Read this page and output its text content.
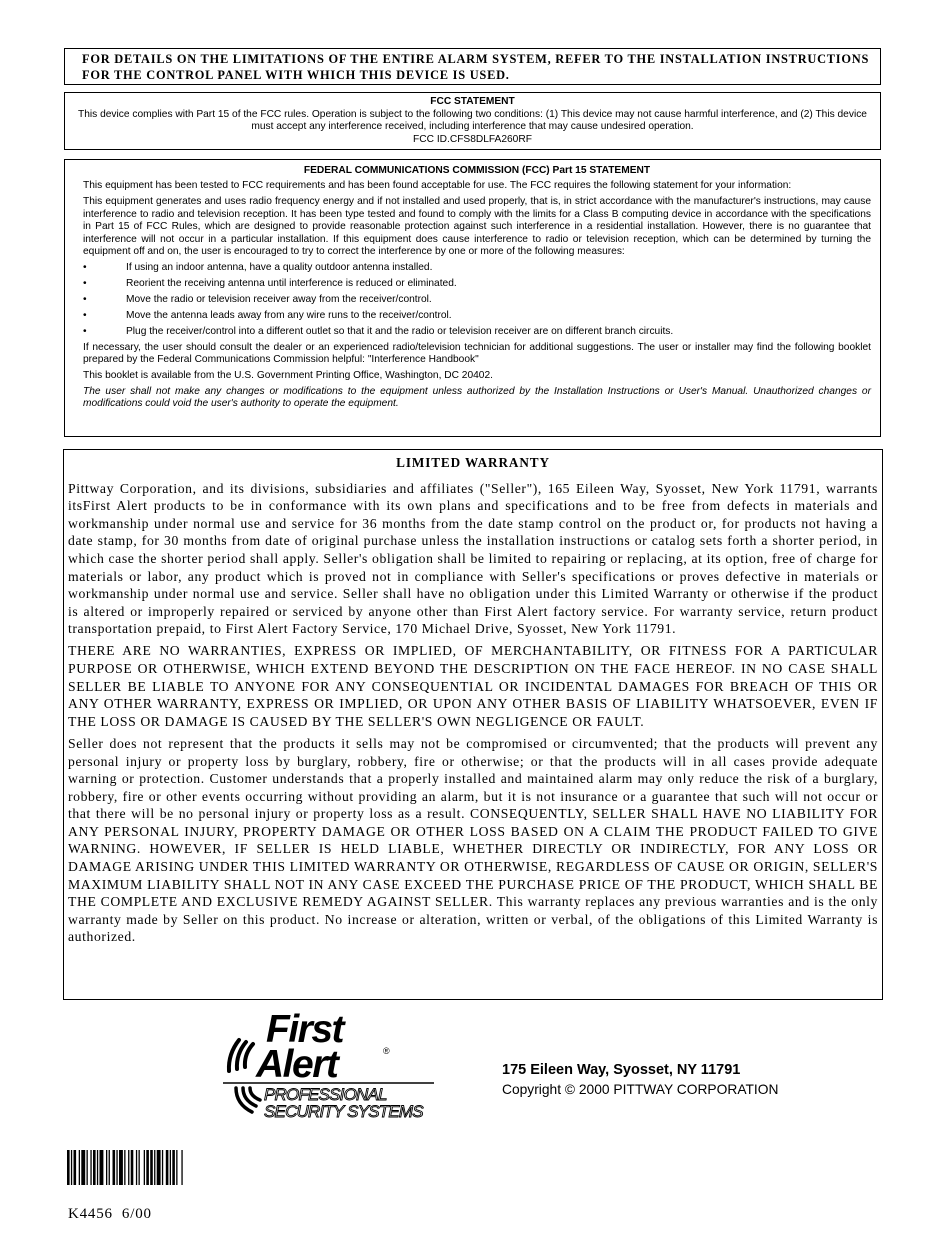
FOR DETAILS ON THE LIMITATIONS OF THE ENTIRE ALARM SYSTEM, REFER TO THE INSTALLATION INSTRUCTIONS FOR THE CONTROL PANEL WITH WHICH THIS DEVICE IS USED.

FCC STATEMENT

This device complies with Part 15 of the FCC rules. Operation is subject to the following two conditions: (1) This device may not cause harmful interference, and (2) This device must accept any interference received, including interference that may cause undesired operation.

FCC ID.CFS8DLFA260RF

FEDERAL COMMUNICATIONS COMMISSION (FCC) Part 15 STATEMENT

This equipment has been tested to FCC requirements and has been found acceptable for use. The FCC requires the following statement for your information:

This equipment generates and uses radio frequency energy and if not installed and used properly, that is, in strict accordance with the manufacturer's instructions, may cause interference to radio and television reception. It has been type tested and found to comply with the limits for a Class B computing device in accordance with the specifications in Part 15 of FCC Rules, which are designed to provide reasonable protection against such interference in a residential installation. However, there is no guarantee that interference will not occur in a particular installation. If this equipment does cause interference to radio or television reception, which can be determined by turning the equipment off and on, the user is encouraged to try to correct the interference by one or more of the following measures:

•	If using an indoor antenna, have a quality outdoor antenna installed.
•	Reorient the receiving antenna until interference is reduced or eliminated.
•	Move the radio or television receiver away from the receiver/control.
•	Move the antenna leads away from any wire runs to the receiver/control.
•	Plug the receiver/control into a different outlet so that it and the radio or television receiver are on different branch circuits.

If necessary, the user should consult the dealer or an experienced radio/television technician for additional suggestions. The user or installer may find the following booklet prepared by the Federal Communications Commission helpful: "Interference Handbook"

This booklet is available from the U.S. Government Printing Office, Washington, DC 20402.

The user shall not make any changes or modifications to the equipment unless authorized by the Installation Instructions or User's Manual. Unauthorized changes or modifications could void the user's authority to operate the equipment.

LIMITED WARRANTY

Pittway Corporation, and its divisions, subsidiaries and affiliates ("Seller"), 165 Eileen Way, Syosset, New York 11791, warrants itsFirst Alert products to be in conformance with its own plans and specifications and to be free from defects in materials and workmanship under normal use and service for 36 months from the date stamp control on the product or, for products not having a date stamp, for 30 months from date of original purchase unless the installation instructions or catalog sets forth a shorter period, in which case the shorter period shall apply. Seller's obligation shall be limited to repairing or replacing, at its option, free of charge for materials or labor, any product which is proved not in compliance with Seller's specifications or proves defective in materials or workmanship under normal use and service. Seller shall have no obligation under this Limited Warranty or otherwise if the product is altered or improperly repaired or serviced by anyone other than First Alert factory service. For warranty service, return product transportation prepaid, to First Alert Factory Service, 170 Michael Drive, Syosset, New York 11791.

THERE ARE NO WARRANTIES, EXPRESS OR IMPLIED, OF MERCHANTABILITY, OR FITNESS FOR A PARTICULAR PURPOSE OR OTHERWISE, WHICH EXTEND BEYOND THE DESCRIPTION ON THE FACE HEREOF. IN NO CASE SHALL SELLER BE LIABLE TO ANYONE FOR ANY CONSEQUENTIAL OR INCIDENTAL DAMAGES FOR BREACH OF THIS OR ANY OTHER WARRANTY, EXPRESS OR IMPLIED, OR UPON ANY OTHER BASIS OF LIABILITY WHATSOEVER, EVEN IF THE LOSS OR DAMAGE IS CAUSED BY THE SELLER'S OWN NEGLIGENCE OR FAULT.

Seller does not represent that the products it sells may not be compromised or circumvented; that the products will prevent any personal injury or property loss by burglary, robbery, fire or otherwise; or that the products will in all cases provide adequate warning or protection. Customer understands that a properly installed and maintained alarm may only reduce the risk of a burglary, robbery, fire or other events occurring without providing an alarm, but it is not insurance or a guarantee that such will not occur or that there will be no personal injury or property loss as a result. CONSEQUENTLY, SELLER SHALL HAVE NO LIABILITY FOR ANY PERSONAL INJURY, PROPERTY DAMAGE OR OTHER LOSS BASED ON A CLAIM THE PRODUCT FAILED TO GIVE WARNING. HOWEVER, IF SELLER IS HELD LIABLE, WHETHER DIRECTLY OR INDIRECTLY, FOR ANY LOSS OR DAMAGE ARISING UNDER THIS LIMITED WARRANTY OR OTHERWISE, REGARDLESS OF CAUSE OR ORIGIN, SELLER'S MAXIMUM LIABILITY SHALL NOT IN ANY CASE EXCEED THE PURCHASE PRICE OF THE PRODUCT, WHICH SHALL BE THE COMPLETE AND EXCLUSIVE REMEDY AGAINST SELLER. This warranty replaces any previous warranties and is the only warranty made by Seller on this product. No increase or alteration, written or verbal, of the obligations of this Limited Warranty is authorized.

First
Alert	®
PROFESSIONAL
SECURITY SYSTEMS
175 Eileen Way, Syosset, NY 11791
Copyright © 2000 PITTWAY CORPORATION
K4456  6/00
